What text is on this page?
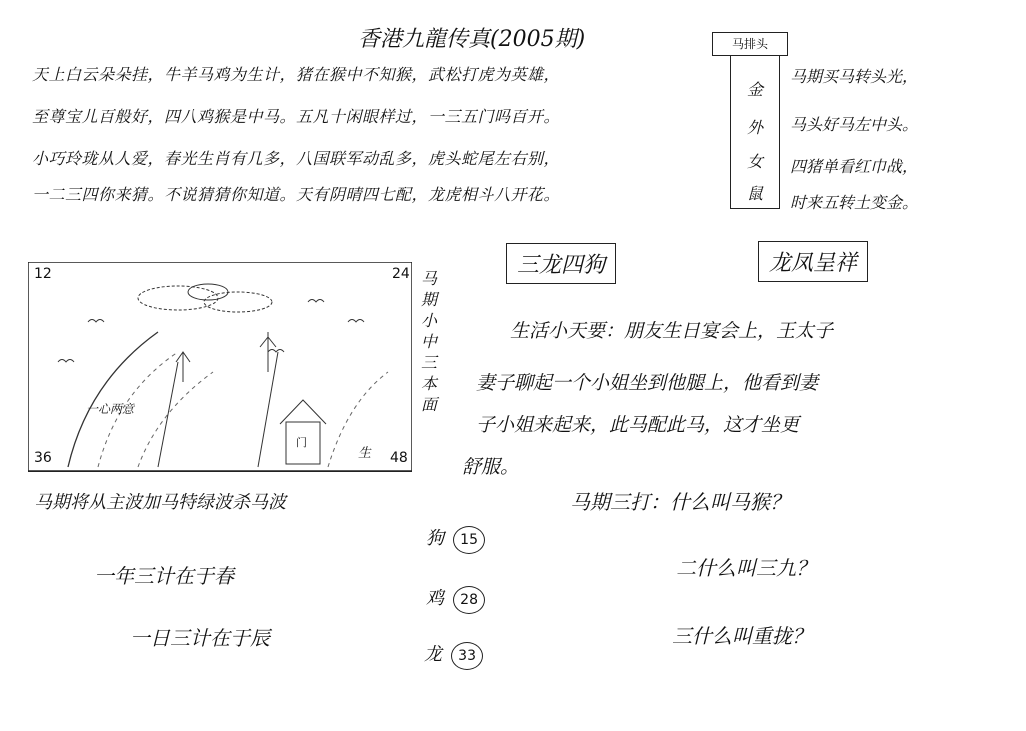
香港九龍传真(2005期)
天上白云朵朵挂，牛羊马鸡为生计，猪在猴中不知猴，武松打虎为英雄，
至尊宝儿百般好，四八鸡猴是中马。五凡十闲眼样过，一三五门吗百开。
小巧玲珑从人爱，春光生肖有几多，八国联军动乱多，虎头蛇尾左右别，
一二三四你来猜。不说猜猜你知道。天有阴晴四七配，龙虎相斗八开花。
金
外
女
鼠
马排头
马期买马转头光，
马头好马左中头。
四猪单看红巾战，
时来五转土变金。
12	24
36	48
一心两意
门
生
马期小中三本面
马期将从主波加马特绿波杀马波
三龙四狗	龙凤呈祥
生活小天要：朋友生日宴会上，王太子
妻子聊起一个小姐坐到他腿上，他看到妻
子小姐来起来，此马配此马，这才坐更
舒服。
马期三打：什么叫马猴？
二什么叫三九？
三什么叫重拢？
一年三计在于春
一日三计在于辰
狗 15
鸡 28
龙 33
